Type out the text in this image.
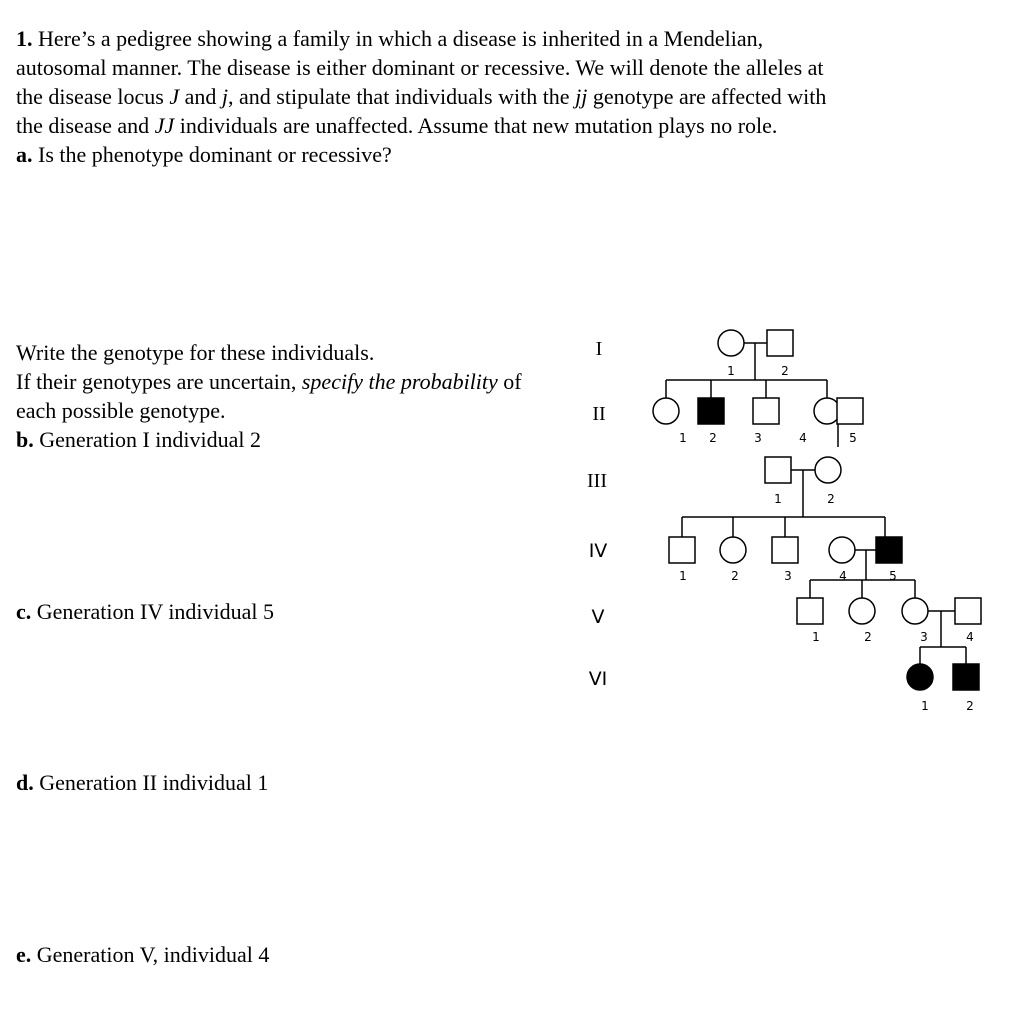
1. Here’s a pedigree showing a family in which a disease is inherited in a Mendelian,
autosomal manner. The disease is either dominant or recessive. We will denote the alleles at
the disease locus J and j, and stipulate that individuals with the jj genotype are affected with
the disease and JJ individuals are unaffected. Assume that new mutation plays no role.
a. Is the phenotype dominant or recessive?
Write the genotype for these individuals.
If their genotypes are uncertain, specify the probability of
each possible genotype.
b. Generation I individual 2
c. Generation IV individual 5
d. Generation II individual 1
e. Generation V, individual 4
I
II
III
IV
V
VI
1	2
1 2	3	4	5
1	2
1	2	3	4	5
1	2	3	4
1	2
